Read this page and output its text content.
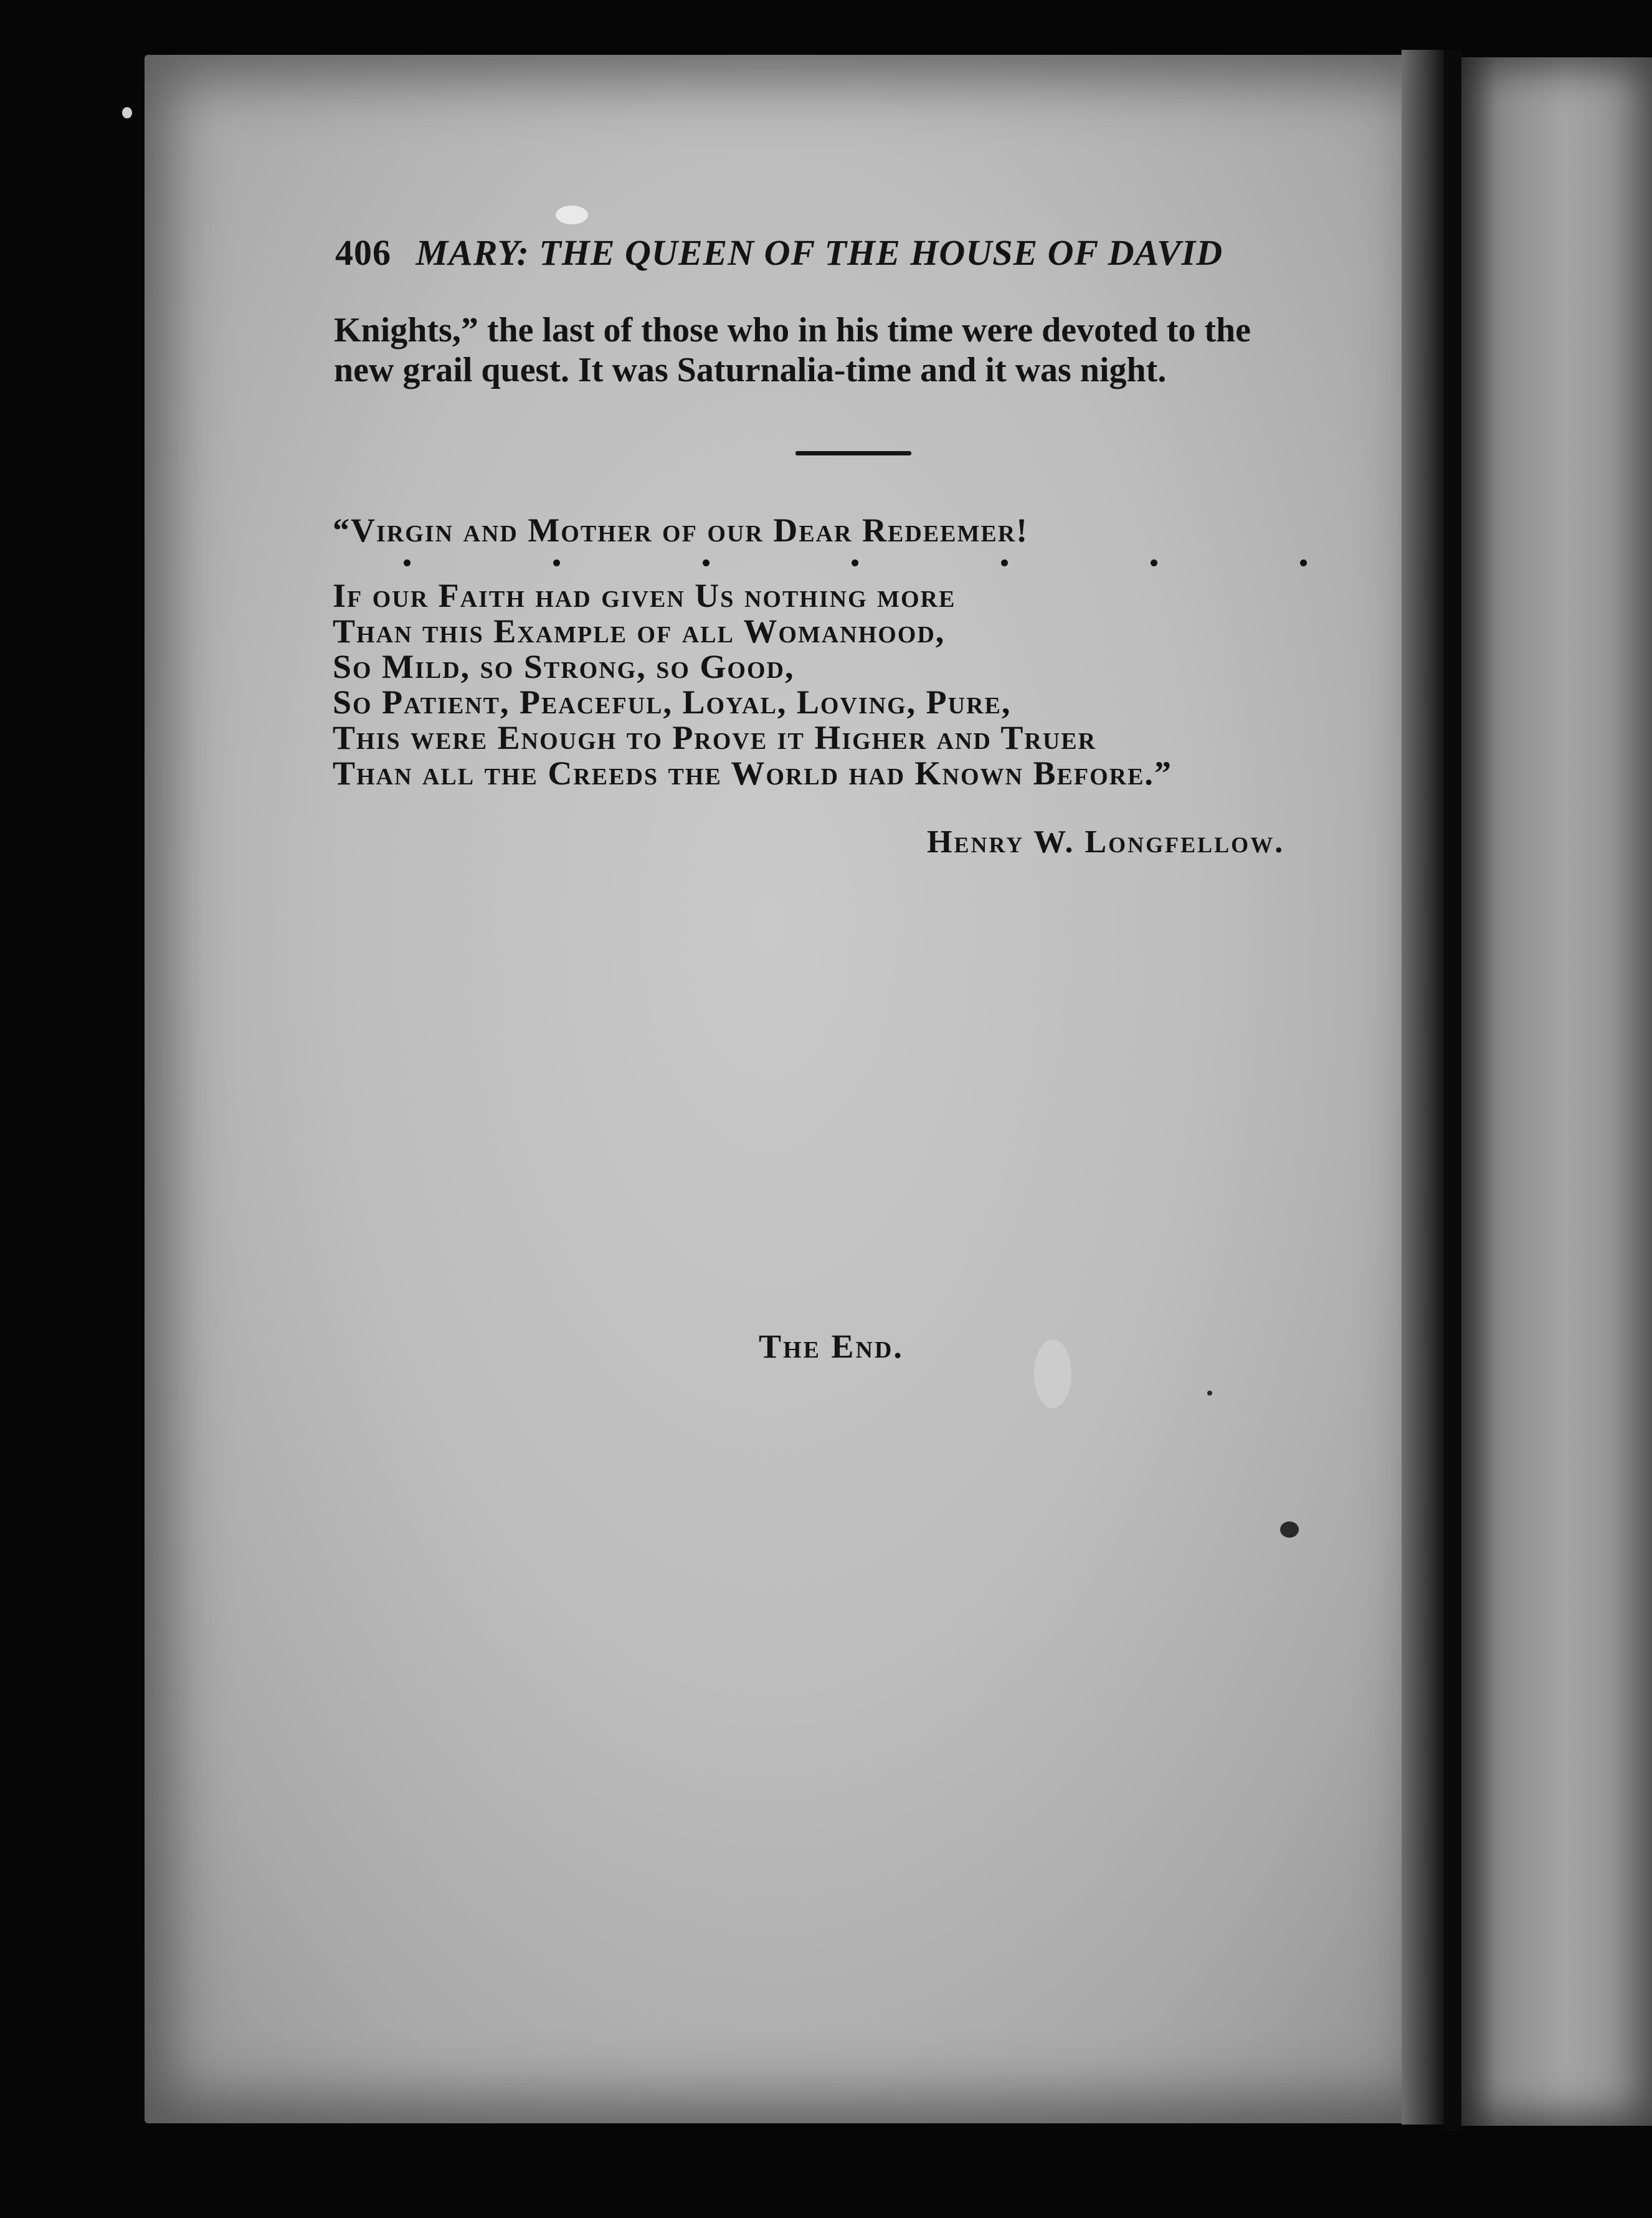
406 MARY: THE QUEEN OF THE HOUSE OF DAVID

Knights,” the last of those who in his time were devoted to the

new grail quest. It was Saturnalia-time and it was night.

“Virgin and Mother of our Dear Redeemer!
If our Faith had given Us nothing more
Than this Example of all Womanhood,
So Mild, so Strong, so Good,
So Patient, Peaceful, Loyal, Loving, Pure,
This were Enough to Prove it Higher and Truer
Than all the Creeds the World had Known Before.”
Henry W. Longfellow.
The End.
